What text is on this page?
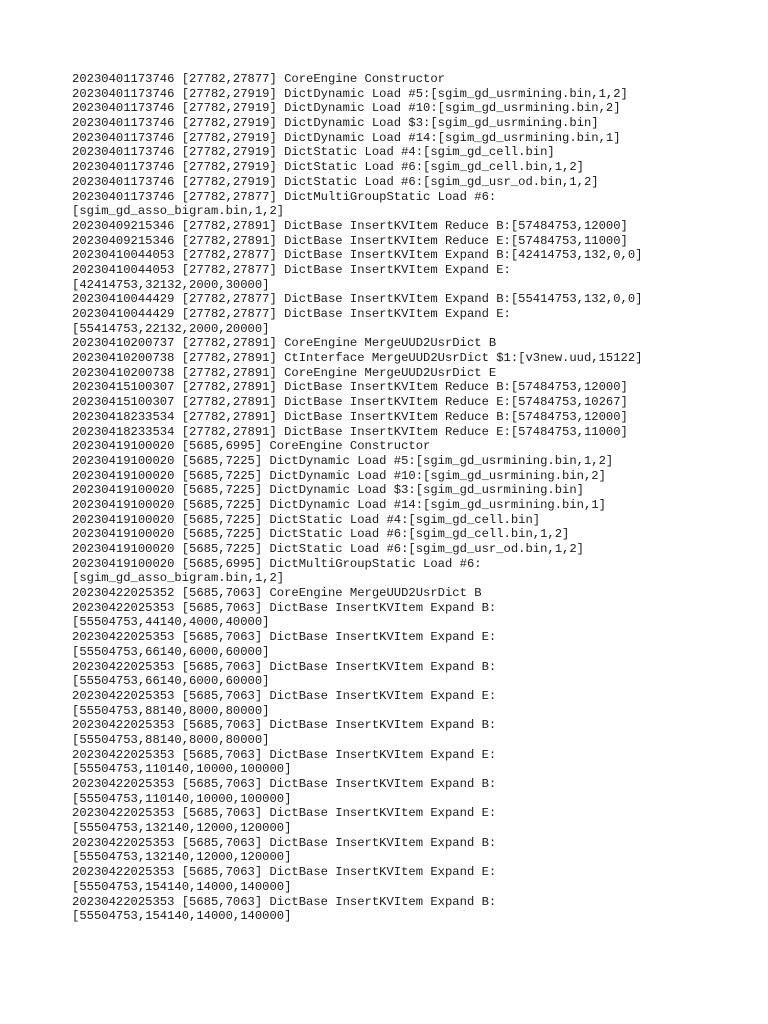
20230401173746 [27782,27877] CoreEngine Constructor
20230401173746 [27782,27919] DictDynamic Load #5:[sgim_gd_usrmining.bin,1,2]
20230401173746 [27782,27919] DictDynamic Load #10:[sgim_gd_usrmining.bin,2]
20230401173746 [27782,27919] DictDynamic Load $3:[sgim_gd_usrmining.bin]
20230401173746 [27782,27919] DictDynamic Load #14:[sgim_gd_usrmining.bin,1]
20230401173746 [27782,27919] DictStatic Load #4:[sgim_gd_cell.bin]
20230401173746 [27782,27919] DictStatic Load #6:[sgim_gd_cell.bin,1,2]
20230401173746 [27782,27919] DictStatic Load #6:[sgim_gd_usr_od.bin,1,2]
20230401173746 [27782,27877] DictMultiGroupStatic Load #6:
[sgim_gd_asso_bigram.bin,1,2]
20230409215346 [27782,27891] DictBase InsertKVItem Reduce B:[57484753,12000]
20230409215346 [27782,27891] DictBase InsertKVItem Reduce E:[57484753,11000]
20230410044053 [27782,27877] DictBase InsertKVItem Expand B:[42414753,132,0,0]
20230410044053 [27782,27877] DictBase InsertKVItem Expand E:
[42414753,32132,2000,30000]
20230410044429 [27782,27877] DictBase InsertKVItem Expand B:[55414753,132,0,0]
20230410044429 [27782,27877] DictBase InsertKVItem Expand E:
[55414753,22132,2000,20000]
20230410200737 [27782,27891] CoreEngine MergeUUD2UsrDict B
20230410200738 [27782,27891] CtInterface MergeUUD2UsrDict $1:[v3new.uud,15122]
20230410200738 [27782,27891] CoreEngine MergeUUD2UsrDict E
20230415100307 [27782,27891] DictBase InsertKVItem Reduce B:[57484753,12000]
20230415100307 [27782,27891] DictBase InsertKVItem Reduce E:[57484753,10267]
20230418233534 [27782,27891] DictBase InsertKVItem Reduce B:[57484753,12000]
20230418233534 [27782,27891] DictBase InsertKVItem Reduce E:[57484753,11000]
20230419100020 [5685,6995] CoreEngine Constructor
20230419100020 [5685,7225] DictDynamic Load #5:[sgim_gd_usrmining.bin,1,2]
20230419100020 [5685,7225] DictDynamic Load #10:[sgim_gd_usrmining.bin,2]
20230419100020 [5685,7225] DictDynamic Load $3:[sgim_gd_usrmining.bin]
20230419100020 [5685,7225] DictDynamic Load #14:[sgim_gd_usrmining.bin,1]
20230419100020 [5685,7225] DictStatic Load #4:[sgim_gd_cell.bin]
20230419100020 [5685,7225] DictStatic Load #6:[sgim_gd_cell.bin,1,2]
20230419100020 [5685,7225] DictStatic Load #6:[sgim_gd_usr_od.bin,1,2]
20230419100020 [5685,6995] DictMultiGroupStatic Load #6:
[sgim_gd_asso_bigram.bin,1,2]
20230422025352 [5685,7063] CoreEngine MergeUUD2UsrDict B
20230422025353 [5685,7063] DictBase InsertKVItem Expand B:
[55504753,44140,4000,40000]
20230422025353 [5685,7063] DictBase InsertKVItem Expand E:
[55504753,66140,6000,60000]
20230422025353 [5685,7063] DictBase InsertKVItem Expand B:
[55504753,66140,6000,60000]
20230422025353 [5685,7063] DictBase InsertKVItem Expand E:
[55504753,88140,8000,80000]
20230422025353 [5685,7063] DictBase InsertKVItem Expand B:
[55504753,88140,8000,80000]
20230422025353 [5685,7063] DictBase InsertKVItem Expand E:
[55504753,110140,10000,100000]
20230422025353 [5685,7063] DictBase InsertKVItem Expand B:
[55504753,110140,10000,100000]
20230422025353 [5685,7063] DictBase InsertKVItem Expand E:
[55504753,132140,12000,120000]
20230422025353 [5685,7063] DictBase InsertKVItem Expand B:
[55504753,132140,12000,120000]
20230422025353 [5685,7063] DictBase InsertKVItem Expand E:
[55504753,154140,14000,140000]
20230422025353 [5685,7063] DictBase InsertKVItem Expand B:
[55504753,154140,14000,140000]
